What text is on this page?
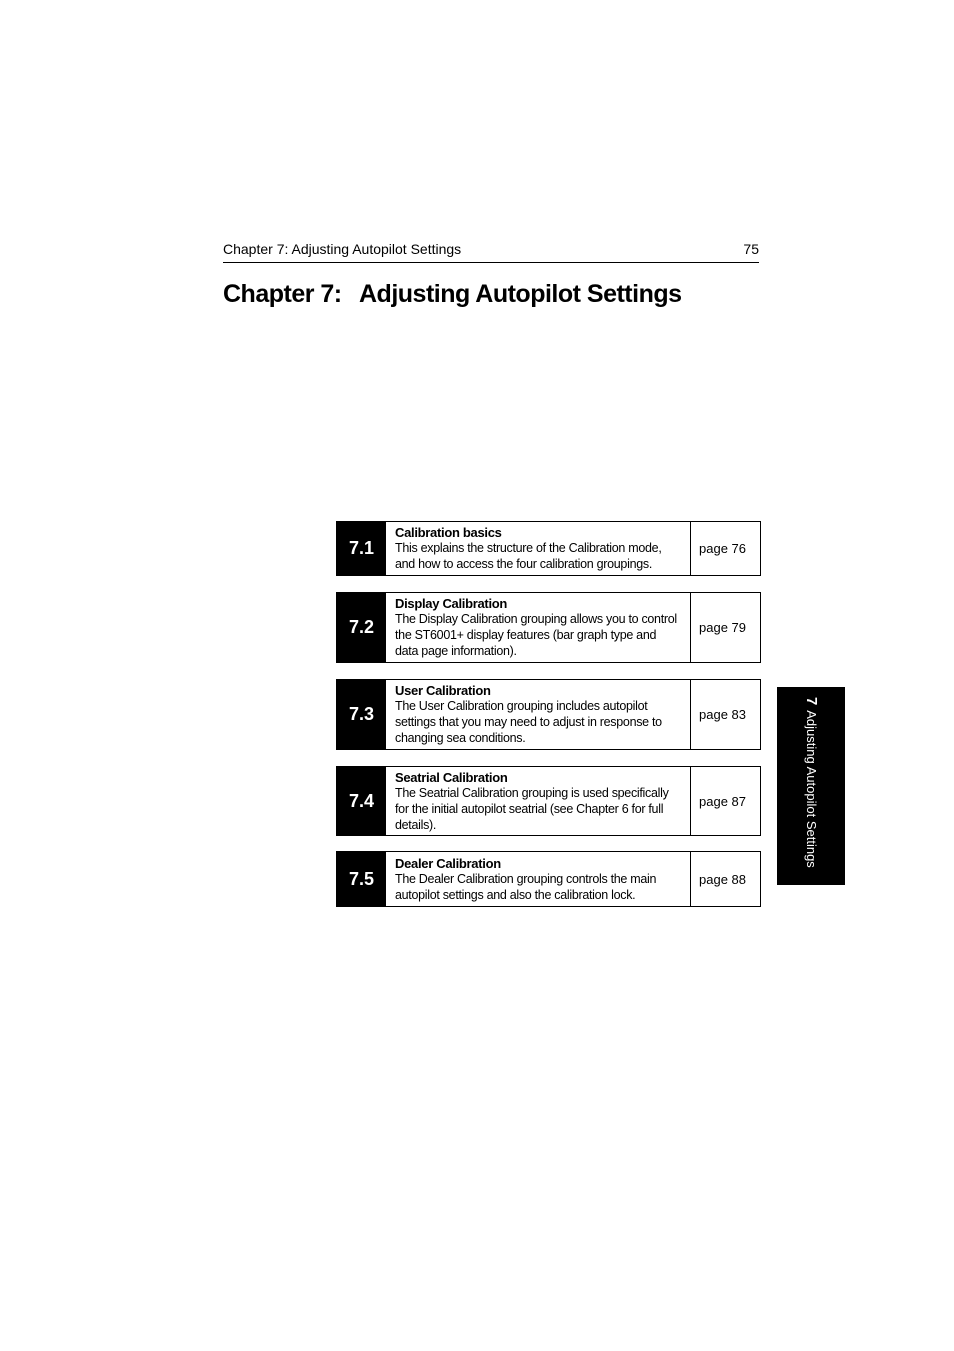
Chapter 7: Adjusting Autopilot Settings	75
Chapter 7: Adjusting Autopilot Settings
7.1
Calibration basics
This explains the structure of the Calibration mode, and how to access the four calibration groupings.
page 76
7.2
Display Calibration
The Display Calibration grouping allows you to control the ST6001+ display features (bar graph type and data page information).
page 79
7.3
User Calibration
The User Calibration grouping includes autopilot settings that you may need to adjust in response to changing sea conditions.
page 83
7.4
Seatrial Calibration
The Seatrial Calibration grouping is used specifically for the initial autopilot seatrial (see Chapter 6 for full details).
page 87
7.5
Dealer Calibration
The Dealer Calibration grouping controls the main autopilot settings and also the calibration lock.
page 88
7 Adjusting Autopilot Settings
